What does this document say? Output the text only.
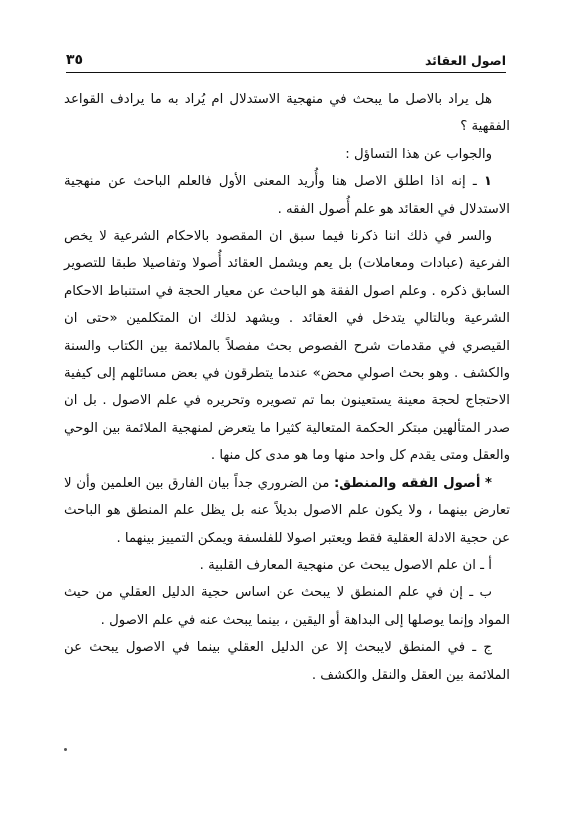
اصول العقائد
٣٥

هل يراد بالاصل ما يبحث في منهجية الاستدلال ام يُراد به ما يرادف القواعد الفقهية ؟

والجواب عن هذا التساؤل :

١ ـ إنه اذا اطلق الاصل هنا وأُريد المعنى الأول فالعلم الباحث عن منهجية الاستدلال في العقائد هو علم أُصول الفقه .

والسر في ذلك اننا ذكرنا فيما سبق ان المقصود بالاحكام الشرعية لا يخص الفرعية (عبادات ومعاملات) بل يعم ويشمل العقائد أُصولا وتفاصيلا طبقا للتصوير السابق ذكره . وعلم اصول الفقة هو الباحث عن معيار الحجة في استنباط الاحكام الشرعية وبالتالي يتدخل في العقائد . ويشهد لذلك ان المتكلمين «حتى ان القيصري في مقدمات شرح الفصوص بحث مفصلاً بالملائمة بين الكتاب والسنة والكشف . وهو بحث اصولي محض» عندما يتطرقون في بعض مسائلهم إلى كيفية الاحتجاج لحجة معينة يستعينون بما تم تصويره وتحريره في علم الاصول . بل ان صدر المتألهين مبتكر الحكمة المتعالية كثيرا ما يتعرض لمنهجية الملائمة بين الوحي والعقل ومتى يقدم كل واحد منها وما هو مدى كل منها .

* أصول الفقه والمنطق: من الضروري جداً بيان الفارق بين العلمين وأن لا تعارض بينهما ، ولا يكون علم الاصول بديلاً عنه بل يظل علم المنطق هو الباحث عن حجية الادلة العقلية فقط ويعتبر اصولا للفلسفة ويمكن التمييز بينهما .

أ ـ ان علم الاصول يبحث عن منهجية المعارف القلبية .

ب ـ إن في علم المنطق لا يبحث عن اساس حجية الدليل العقلي من حيث المواد وإنما يوصلها إلى البداهة أو اليقين ، بينما يبحث عنه في علم الاصول .

ج ـ في المنطق لايبحث إلا عن الدليل العقلي بينما في الاصول يبحث عن الملائمة بين العقل والنقل والكشف .
